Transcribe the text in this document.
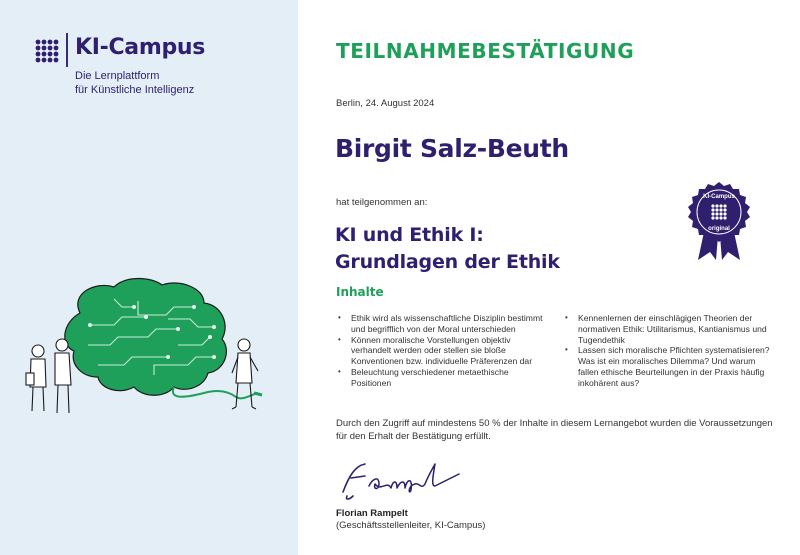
KI-Campus
Die Lernplattform
für Künstliche Intelligenz
TEILNAHMEBESTÄTIGUNG
Berlin, 24. August 2024
Birgit Salz-Beuth
hat teilgenommen an:
KI und Ethik I:
Grundlagen der Ethik
Inhalte
• Ethik wird als wissenschaftliche Disziplin bestimmt und begrifflich von der Moral unterschieden
• Können moralische Vorstellungen objektiv verhandelt werden oder stellen sie bloße Konventionen bzw. individuelle Präferenzen dar
• Beleuchtung verschiedener metaethische Positionen
• Kennenlernen der einschlägigen Theorien der normativen Ethik: Utilitarismus, Kantianismus und Tugendethik
• Lassen sich moralische Pflichten systematisieren? Was ist ein moralisches Dilemma? Und warum fallen ethische Beurteilungen in der Praxis häufig inkohärent aus?
Durch den Zugriff auf mindestens 50 % der Inhalte in diesem Lernangebot wurden die Voraussetzungen für den Erhalt der Bestätigung erfüllt.
Florian Rampelt
(Geschäftsstellenleiter, KI-Campus)
KI-Campus
original
